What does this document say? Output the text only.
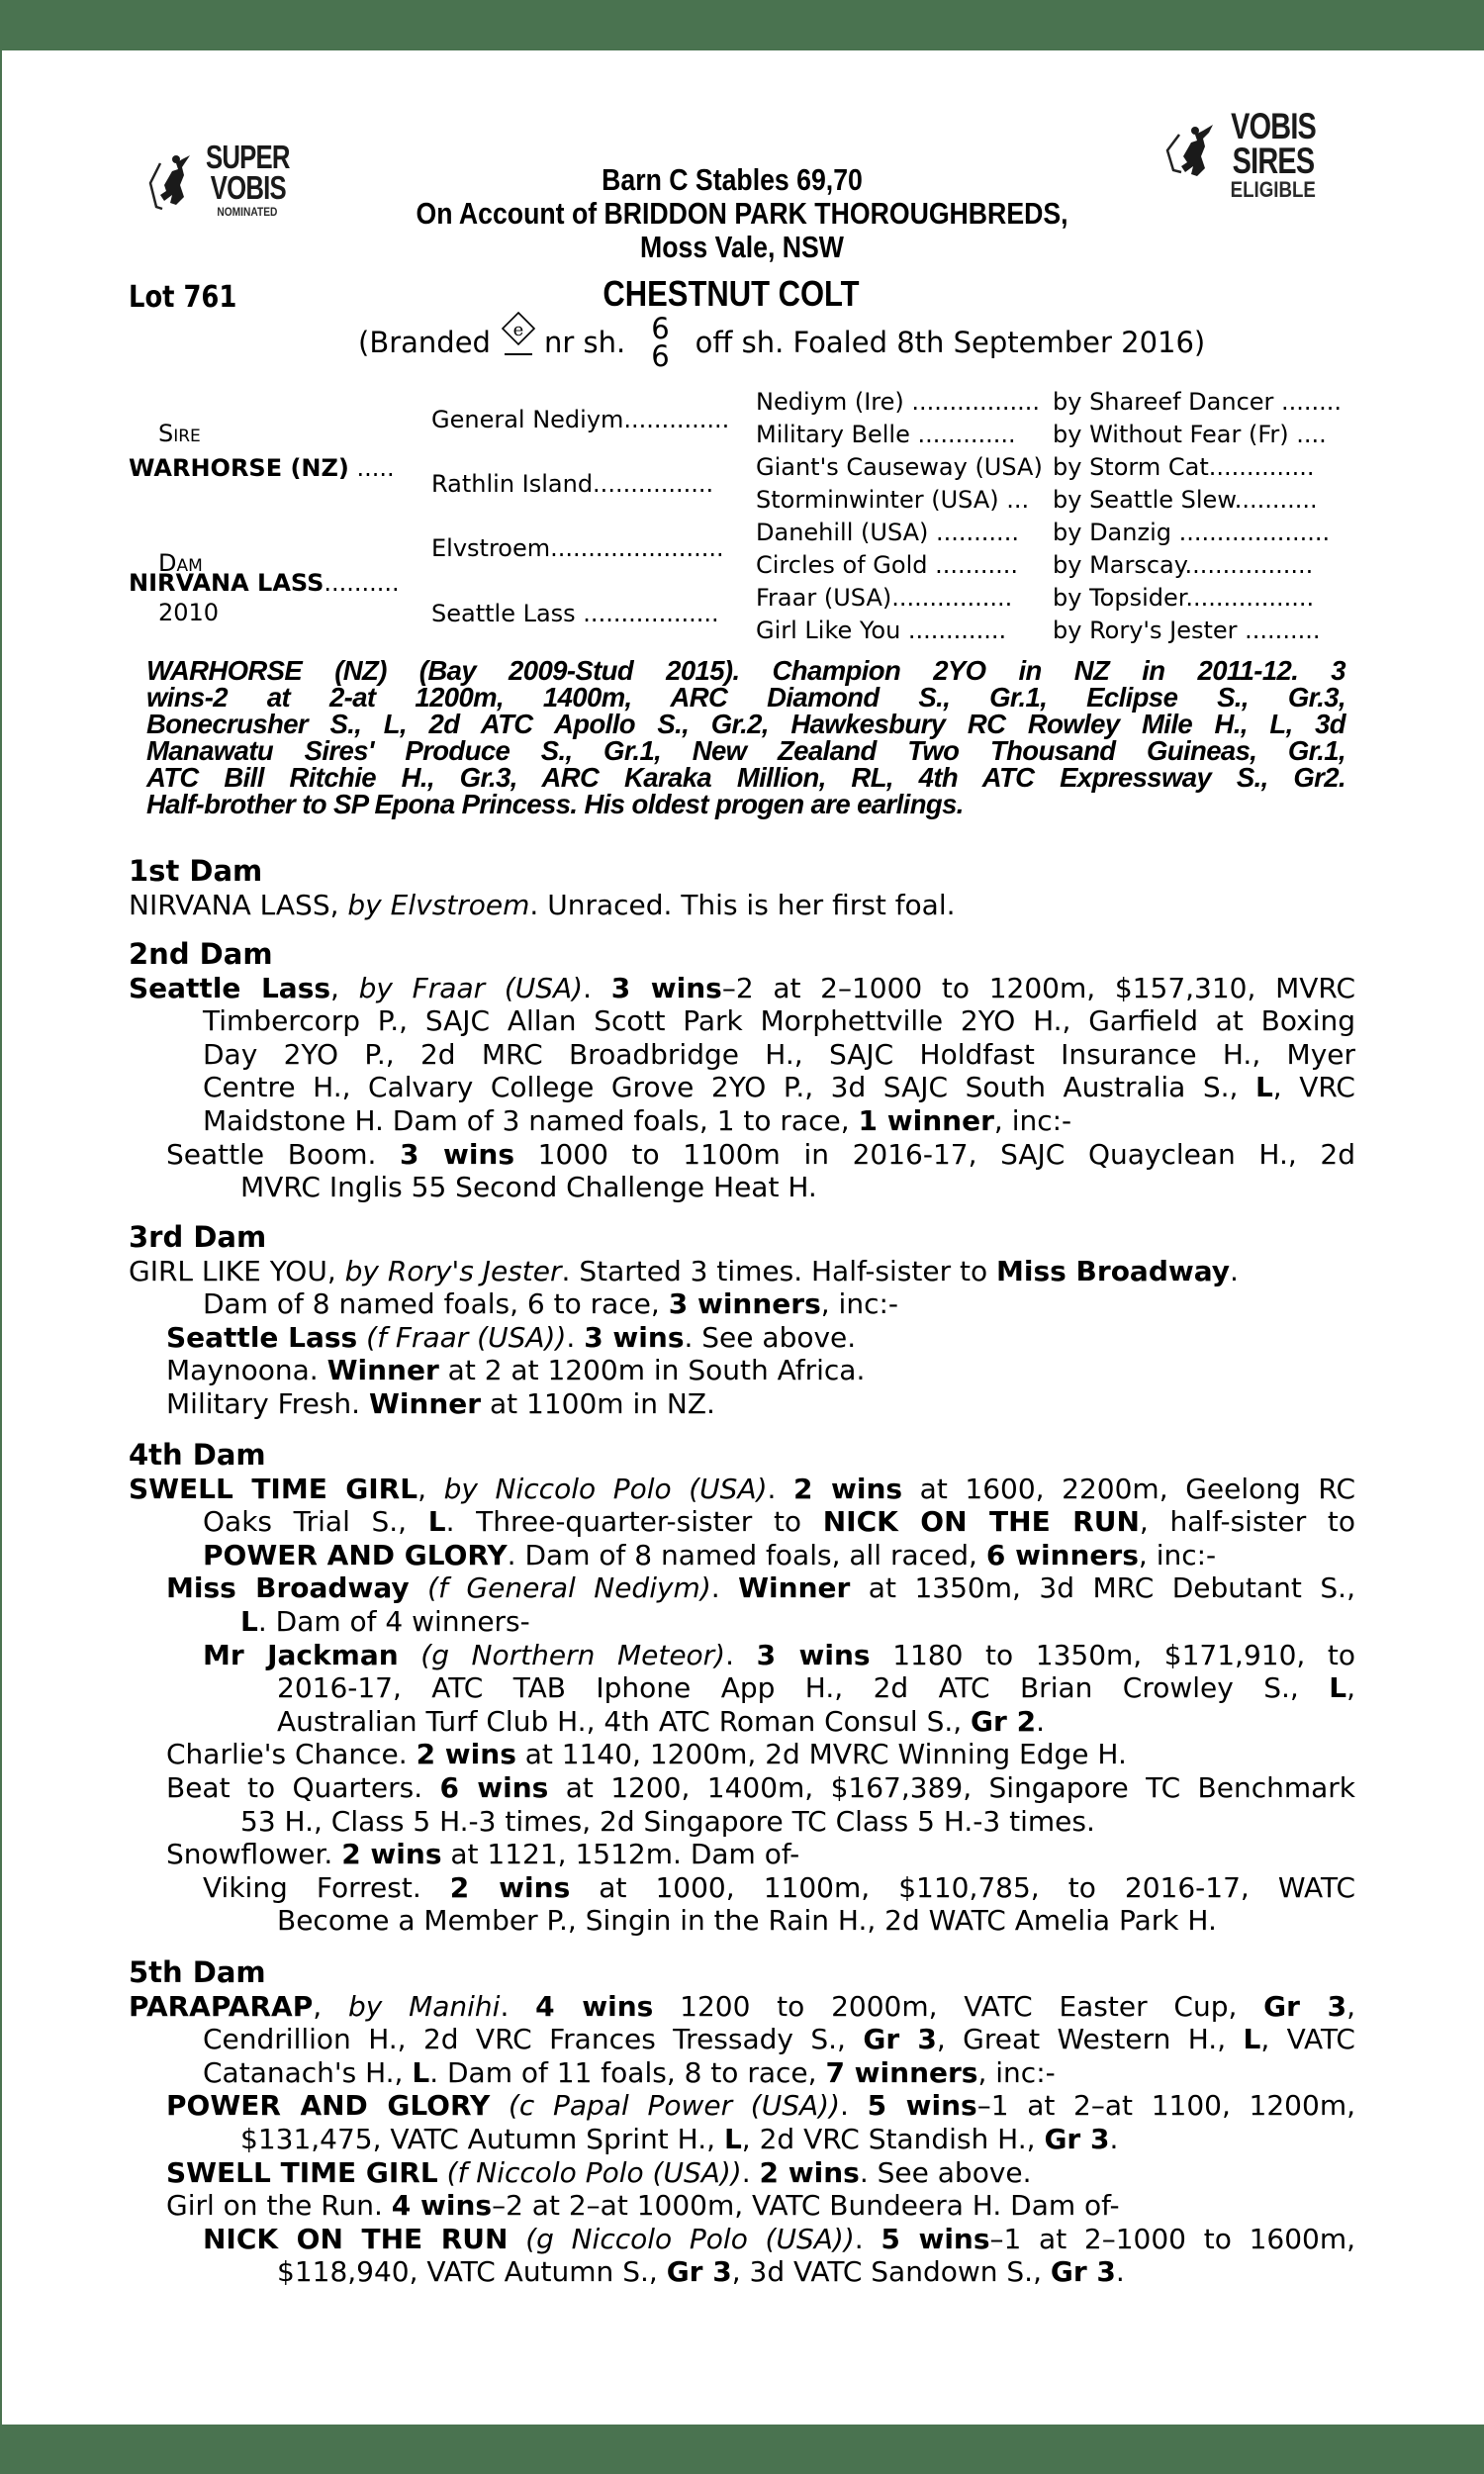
SUPER
VOBIS
NOMINATED
VOBIS
SIRES
ELIGIBLE
Barn C Stables 69,70
On Account of BRIDDON PARK THOROUGHBREDS,
Moss Vale, NSW
Lot 761	CHESTNUT COLT
(Branded e nr sh. 6
6 off sh. Foaled 8th September 2016)
Sire
WARHORSE (NZ) .....
Dam
NIRVANA LASS..........
2010
General Nediym..............
Rathlin Island................
Elvstroem.......................
Seattle Lass ..................
Nediym (Ire) ................. by Shareef Dancer ........
Military Belle ............. by Without Fear (Fr) ....
Giant's Causeway (USA) by Storm Cat..............
Storminwinter (USA) ... by Seattle Slew...........
Danehill (USA) ........... by Danzig ....................
Circles of Gold ........... by Marscay.................
Fraar (USA)................ by Topsider.................
Girl Like You ............. by Rory's Jester ..........
WARHORSE (NZ) (Bay 2009-Stud 2015). Champion 2YO in NZ in 2011-12. 3
wins-2 at 2-at 1200m, 1400m, ARC Diamond S., Gr.1, Eclipse S., Gr.3,
Bonecrusher S., L, 2d ATC Apollo S., Gr.2, Hawkesbury RC Rowley Mile H., L, 3d
Manawatu Sires' Produce S., Gr.1, New Zealand Two Thousand Guineas, Gr.1,
ATC Bill Ritchie H., Gr.3, ARC Karaka Million, RL, 4th ATC Expressway S., Gr2.
Half-brother to SP Epona Princess. His oldest progen are earlings.
1st Dam
NIRVANA LASS, by Elvstroem. Unraced. This is her first foal.
2nd Dam
Seattle Lass, by Fraar (USA). 3 wins–2 at 2–1000 to 1200m, $157,310, MVRC
Timbercorp P., SAJC Allan Scott Park Morphettville 2YO H., Garfield at Boxing
Day 2YO P., 2d MRC Broadbridge H., SAJC Holdfast Insurance H., Myer
Centre H., Calvary College Grove 2YO P., 3d SAJC South Australia S., L, VRC
Maidstone H. Dam of 3 named foals, 1 to race, 1 winner, inc:-
Seattle Boom. 3 wins 1000 to 1100m in 2016-17, SAJC Quayclean H., 2d
MVRC Inglis 55 Second Challenge Heat H.
3rd Dam
GIRL LIKE YOU, by Rory's Jester. Started 3 times. Half-sister to Miss Broadway.
Dam of 8 named foals, 6 to race, 3 winners, inc:-
Seattle Lass (f Fraar (USA)). 3 wins. See above.
Maynoona. Winner at 2 at 1200m in South Africa.
Military Fresh. Winner at 1100m in NZ.
4th Dam
SWELL TIME GIRL, by Niccolo Polo (USA). 2 wins at 1600, 2200m, Geelong RC
Oaks Trial S., L. Three-quarter-sister to NICK ON THE RUN, half-sister to
POWER AND GLORY. Dam of 8 named foals, all raced, 6 winners, inc:-
Miss Broadway (f General Nediym). Winner at 1350m, 3d MRC Debutant S.,
L. Dam of 4 winners-
Mr Jackman (g Northern Meteor). 3 wins 1180 to 1350m, $171,910, to
2016-17, ATC TAB Iphone App H., 2d ATC Brian Crowley S., L,
Australian Turf Club H., 4th ATC Roman Consul S., Gr 2.
Charlie's Chance. 2 wins at 1140, 1200m, 2d MVRC Winning Edge H.
Beat to Quarters. 6 wins at 1200, 1400m, $167,389, Singapore TC Benchmark
53 H., Class 5 H.-3 times, 2d Singapore TC Class 5 H.-3 times.
Snowflower. 2 wins at 1121, 1512m. Dam of-
Viking Forrest. 2 wins at 1000, 1100m, $110,785, to 2016-17, WATC
Become a Member P., Singin in the Rain H., 2d WATC Amelia Park H.
5th Dam
PARAPARAP, by Manihi. 4 wins 1200 to 2000m, VATC Easter Cup, Gr 3,
Cendrillion H., 2d VRC Frances Tressady S., Gr 3, Great Western H., L, VATC
Catanach's H., L. Dam of 11 foals, 8 to race, 7 winners, inc:-
POWER AND GLORY (c Papal Power (USA)). 5 wins–1 at 2–at 1100, 1200m,
$131,475, VATC Autumn Sprint H., L, 2d VRC Standish H., Gr 3.
SWELL TIME GIRL (f Niccolo Polo (USA)). 2 wins. See above.
Girl on the Run. 4 wins–2 at 2–at 1000m, VATC Bundeera H. Dam of-
NICK ON THE RUN (g Niccolo Polo (USA)). 5 wins–1 at 2–1000 to 1600m,
$118,940, VATC Autumn S., Gr 3, 3d VATC Sandown S., Gr 3.
